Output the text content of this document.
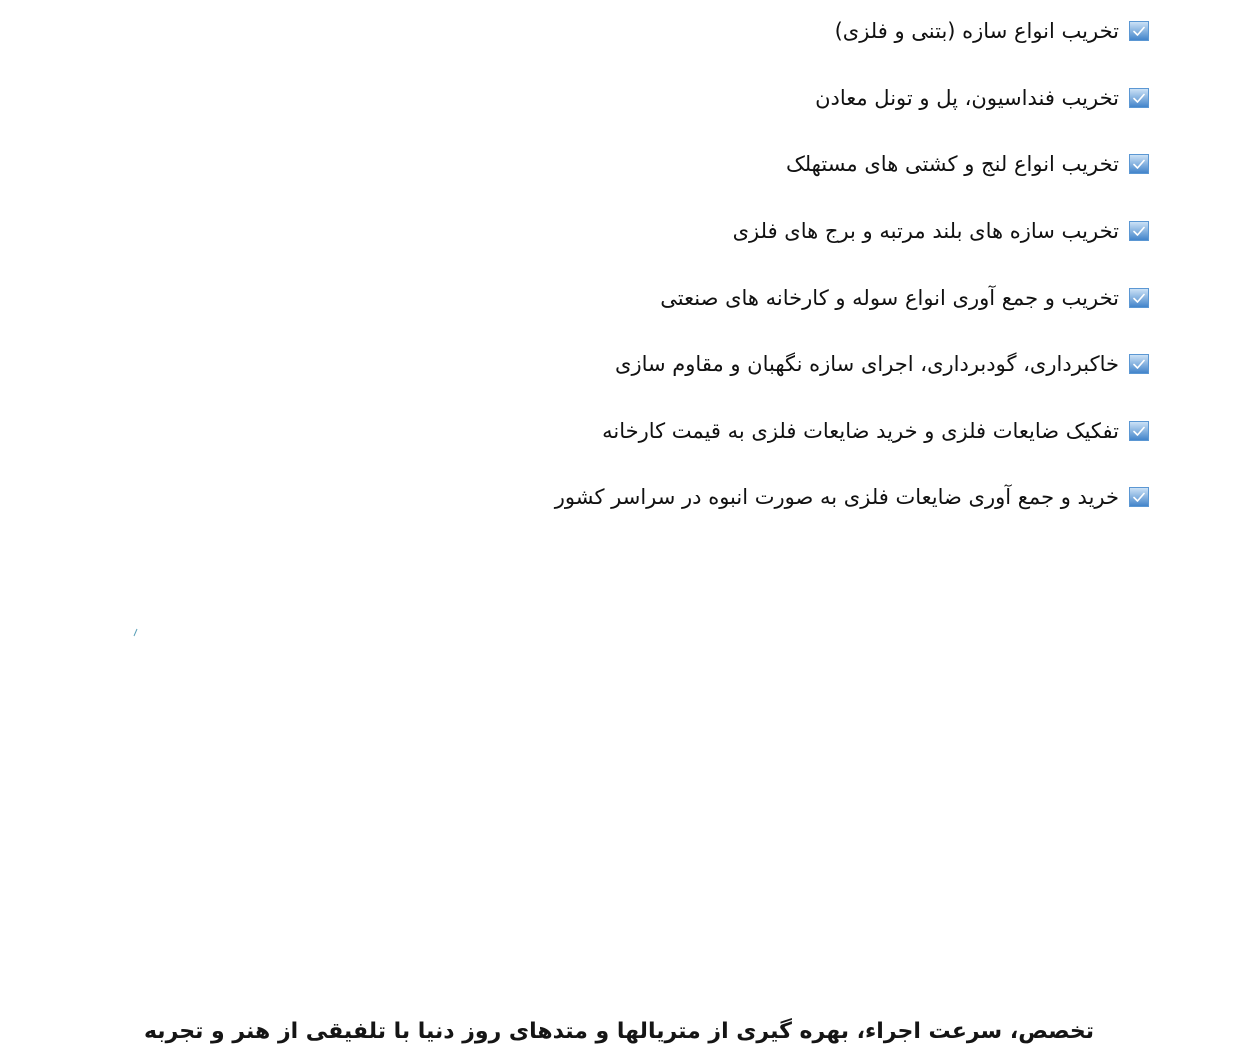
تخریب انواع سازه (بتنی و فلزی)
تخریب فنداسیون، پل و تونل معادن
تخریب انواع لنج و کشتی های مستهلک
تخریب سازه های بلند مرتبه و برج های فلزی
تخریب و جمع آوری انواع سوله و کارخانه های صنعتی
خاکبرداری، گودبرداری، اجرای سازه نگهبان و مقاوم سازی
تفکیک ضایعات فلزی و خرید ضایعات فلزی به قیمت کارخانه
خرید و جمع آوری ضایعات فلزی به صورت انبوه در سراسر کشور
تخصص، سرعت اجراء، بهره گیری از متریالها و متدهای روز دنیا با تلفیقی از هنر و تجربه
